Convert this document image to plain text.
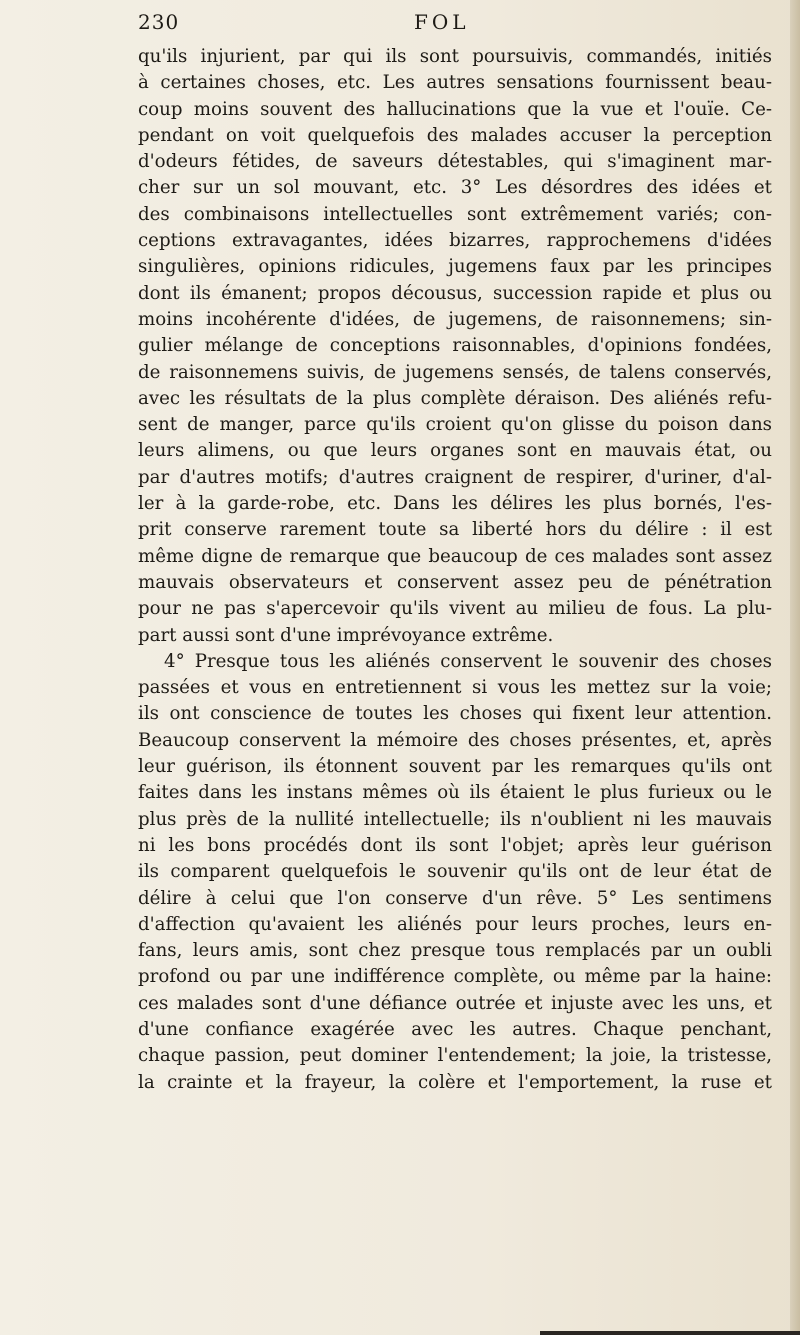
230	FOL
qu'ils injurient, par qui ils sont poursuivis, commandés, initiés
à certaines choses, etc. Les autres sensations fournissent beau-
coup moins souvent des hallucinations que la vue et l'ouïe. Ce-
pendant on voit quelquefois des malades accuser la perception
d'odeurs fétides, de saveurs détestables, qui s'imaginent mar-
cher sur un sol mouvant, etc. 3° Les désordres des idées et
des combinaisons intellectuelles sont extrêmement variés; con-
ceptions extravagantes, idées bizarres, rapprochemens d'idées
singulières, opinions ridicules, jugemens faux par les principes
dont ils émanent; propos décousus, succession rapide et plus ou
moins incohérente d'idées, de jugemens, de raisonnemens; sin-
gulier mélange de conceptions raisonnables, d'opinions fondées,
de raisonnemens suivis, de jugemens sensés, de talens conservés,
avec les résultats de la plus complète déraison. Des aliénés refu-
sent de manger, parce qu'ils croient qu'on glisse du poison dans
leurs alimens, ou que leurs organes sont en mauvais état, ou
par d'autres motifs; d'autres craignent de respirer, d'uriner, d'al-
ler à la garde-robe, etc. Dans les délires les plus bornés, l'es-
prit conserve rarement toute sa liberté hors du délire : il est
même digne de remarque que beaucoup de ces malades sont assez
mauvais observateurs et conservent assez peu de pénétration
pour ne pas s'apercevoir qu'ils vivent au milieu de fous. La plu-
part aussi sont d'une imprévoyance extrême.
4° Presque tous les aliénés conservent le souvenir des choses
passées et vous en entretiennent si vous les mettez sur la voie;
ils ont conscience de toutes les choses qui fixent leur attention.
Beaucoup conservent la mémoire des choses présentes, et, après
leur guérison, ils étonnent souvent par les remarques qu'ils ont
faites dans les instans mêmes où ils étaient le plus furieux ou le
plus près de la nullité intellectuelle; ils n'oublient ni les mauvais
ni les bons procédés dont ils sont l'objet; après leur guérison
ils comparent quelquefois le souvenir qu'ils ont de leur état de
délire à celui que l'on conserve d'un rêve. 5° Les sentimens
d'affection qu'avaient les aliénés pour leurs proches, leurs en-
fans, leurs amis, sont chez presque tous remplacés par un oubli
profond ou par une indifférence complète, ou même par la haine:
ces malades sont d'une défiance outrée et injuste avec les uns, et
d'une confiance exagérée avec les autres. Chaque penchant,
chaque passion, peut dominer l'entendement; la joie, la tristesse,
la crainte et la frayeur, la colère et l'emportement, la ruse et
